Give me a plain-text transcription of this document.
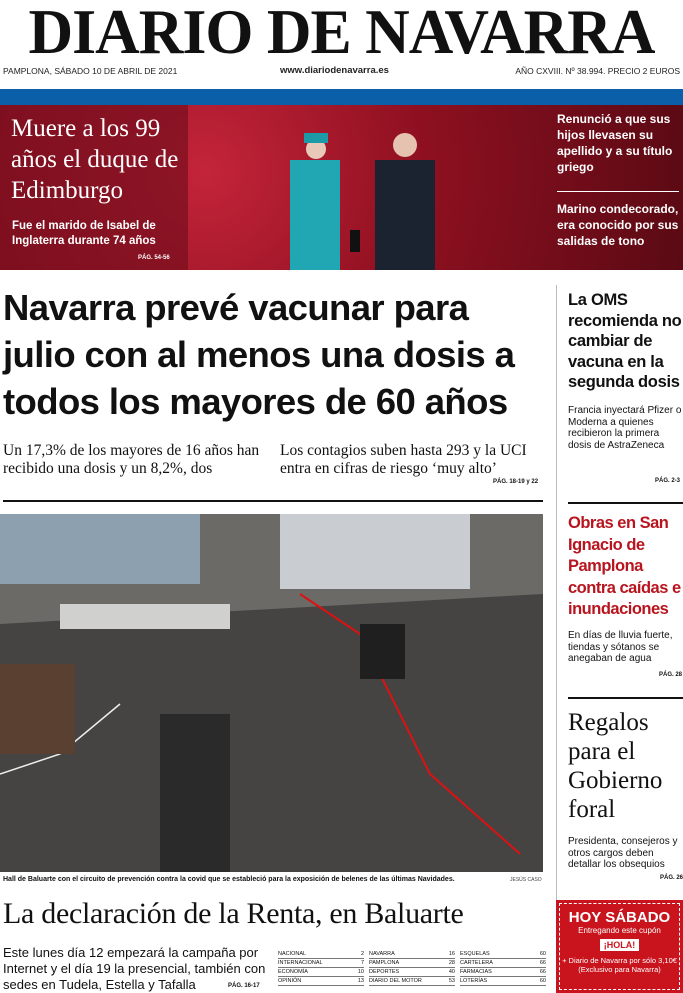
DIARIO DE NAVARRA
PAMPLONA, SÁBADO 10 DE ABRIL DE 2021	www.diariodenavarra.es	AÑO CXVIII. Nº 38.994. PRECIO 2 EUROS
Muere a los 99 años el duque de Edimburgo
Fue el marido de Isabel de Inglaterra durante 74 años
PÁG. 54-56
Renunció a que sus hijos llevasen su apellido y a su título griego
Marino condecorado, era conocido por sus salidas de tono
Navarra prevé vacunar para julio con al menos una dosis a todos los mayores de 60 años
Un 17,3% de los mayores de 16 años han recibido una dosis y un 8,2%, dos
Los contagios suben hasta 293 y la UCI entra en cifras de riesgo ‘muy alto’
PÁG. 18-19 y 22
Hall de Baluarte con el circuito de prevención contra la covid que se estableció para la exposición de belenes de las últimas Navidades.	JESÚS CASO
La declaración de la Renta, en Baluarte
Este lunes día 12 empezará la campaña por Internet y el día 19 la presencial, también con sedes en Tudela, Estella y Tafalla	PÁG. 16-17
NACIONAL	2
INTERNACIONAL	7
ECONOMÍA	10
OPINIÓN	13
NAVARRA	16
PAMPLONA	28
DEPORTES	40
DIARIO DEL MOTOR	53
ESQUELAS	60
CARTELERA	66
FARMACIAS	66
LOTERÍAS	60
La OMS recomienda no cambiar de vacuna en la segunda dosis
Francia inyectará Pfizer o Moderna a quienes recibieron la primera dosis de AstraZeneca
PÁG. 2-3
Obras en San Ignacio de Pamplona contra caídas e inundaciones
En días de lluvia fuerte, tiendas y sótanos se anegaban de agua
PÁG. 28
Regalos para el Gobierno foral
Presidenta, consejeros y otros cargos deben detallar los obsequios
PÁG. 26
HOY SÁBADO
Entregando este cupón
¡HOLA!
+ Diario de Navarra por sólo 3,10€ (Exclusivo para Navarra)
